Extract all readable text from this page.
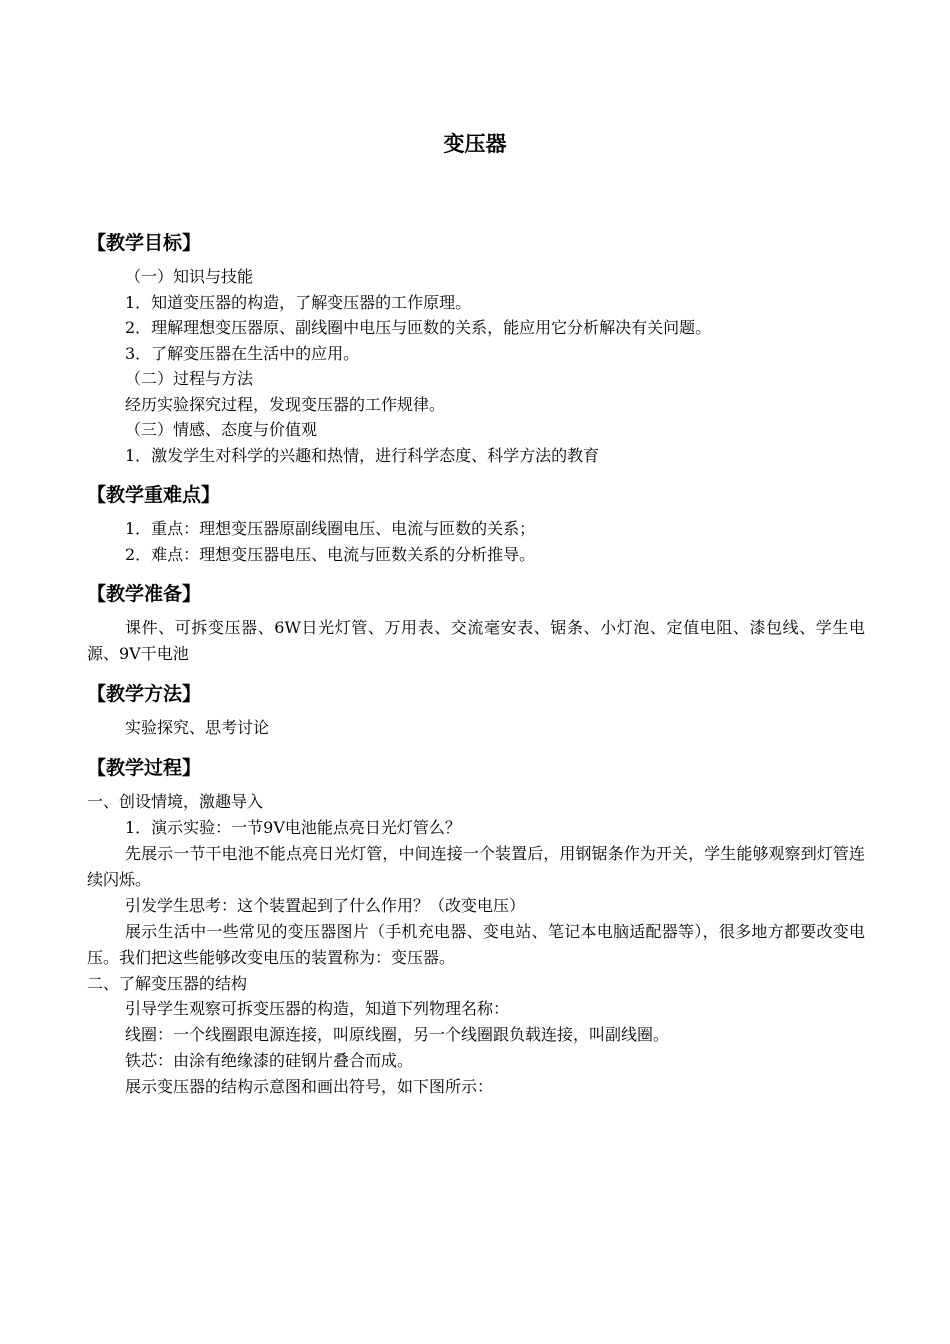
变压器
【教学目标】
（一）知识与技能
1．知道变压器的构造，了解变压器的工作原理。
2．理解理想变压器原、副线圈中电压与匝数的关系，能应用它分析解决有关问题。
3．了解变压器在生活中的应用。
（二）过程与方法
经历实验探究过程，发现变压器的工作规律。
（三）情感、态度与价值观
1．激发学生对科学的兴趣和热情，进行科学态度、科学方法的教育
【教学重难点】
1．重点：理想变压器原副线圈电压、电流与匝数的关系；
2．难点：理想变压器电压、电流与匝数关系的分析推导。
【教学准备】
课件、可拆变压器、6W日光灯管、万用表、交流毫安表、锯条、小灯泡、定值电阻、漆包线、学生电源、9V干电池
【教学方法】
实验探究、思考讨论
【教学过程】
一、创设情境，激趣导入
1．演示实验：一节9V电池能点亮日光灯管么？
先展示一节干电池不能点亮日光灯管，中间连接一个装置后，用钢锯条作为开关，学生能够观察到灯管连续闪烁。
引发学生思考：这个装置起到了什么作用？（改变电压）
展示生活中一些常见的变压器图片（手机充电器、变电站、笔记本电脑适配器等），很多地方都要改变电压。我们把这些能够改变电压的装置称为：变压器。
二、了解变压器的结构
引导学生观察可拆变压器的构造，知道下列物理名称：
线圈：一个线圈跟电源连接，叫原线圈，另一个线圈跟负载连接，叫副线圈。
铁芯：由涂有绝缘漆的硅钢片叠合而成。
展示变压器的结构示意图和画出符号，如下图所示：
